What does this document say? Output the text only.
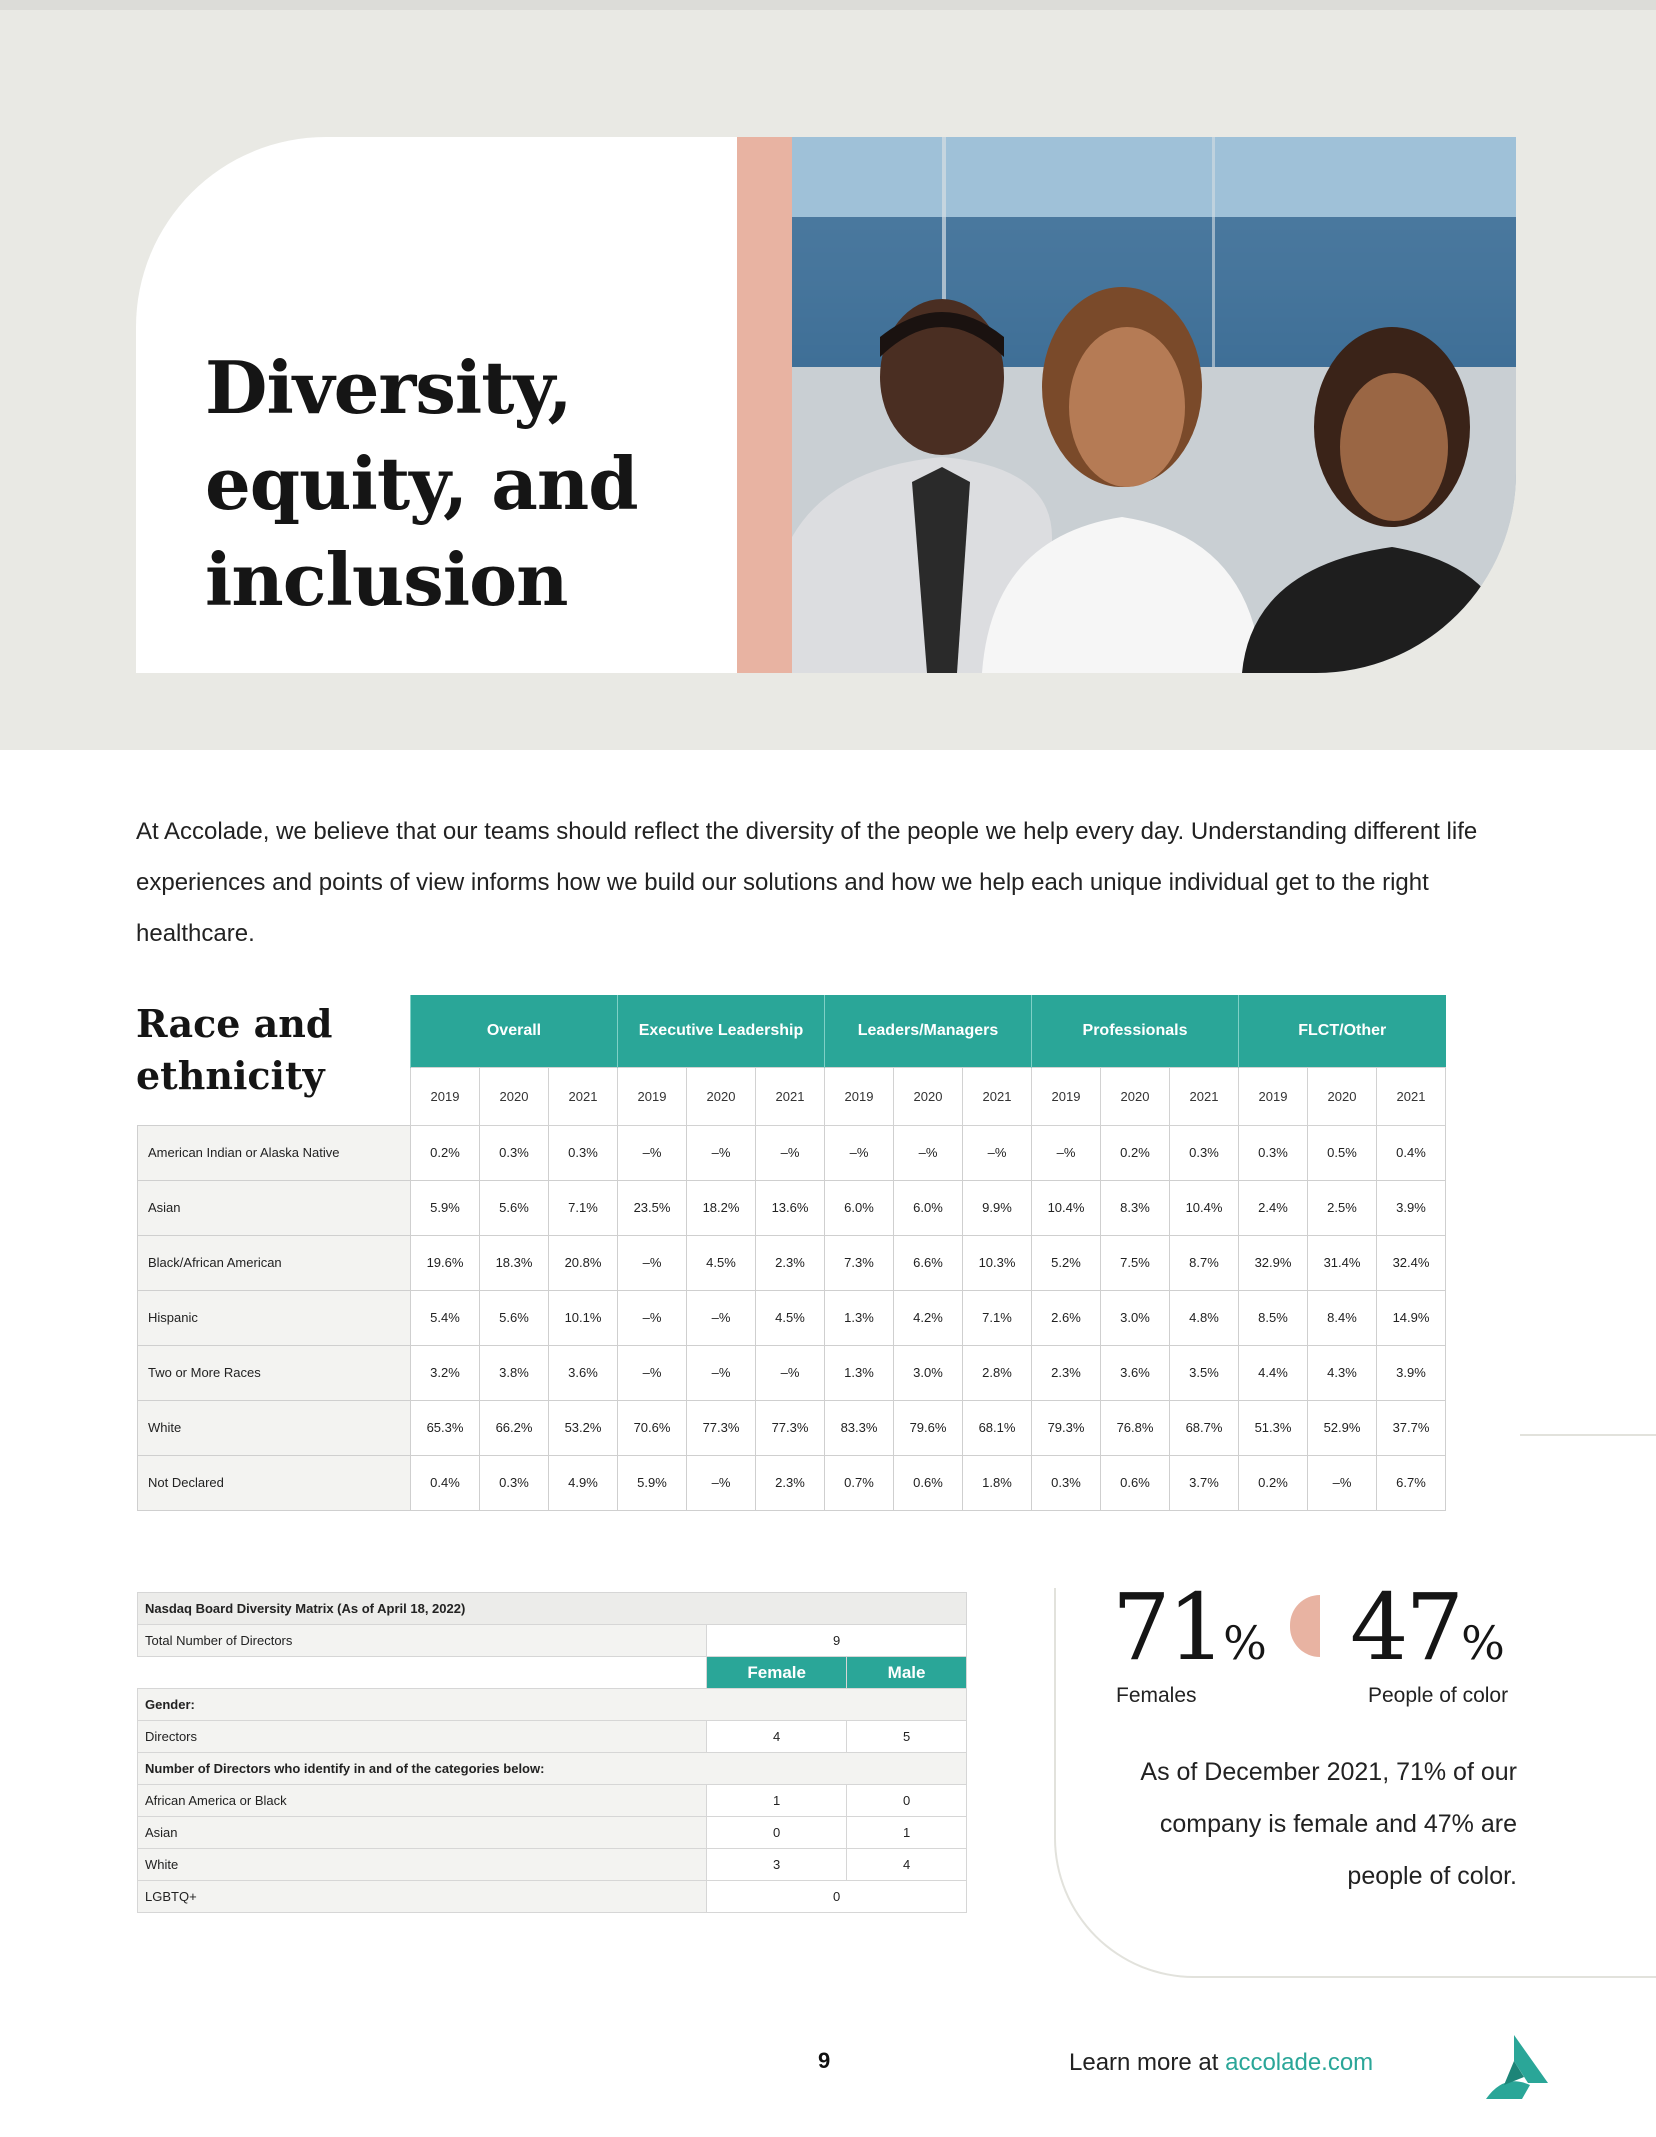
Diversity,
equity, and
inclusion

At Accolade, we believe that our teams should reflect the diversity of the people we help every day. Understanding different life experiences and points of view informs how we build our solutions and how we help each unique individual get to the right healthcare.

Race and
ethnicity
	Overall			Executive Leadership			Leaders/Managers			Professionals			FLCT/Other		
	2019	2020	2021	2019	2020	2021	2019	2020	2021	2019	2020	2021	2019	2020	2021
American Indian or Alaska Native	0.2%	0.3%	0.3%	–%	–%	–%	–%	–%	–%	–%	0.2%	0.3%	0.3%	0.5%	0.4%
Asian	5.9%	5.6%	7.1%	23.5%	18.2%	13.6%	6.0%	6.0%	9.9%	10.4%	8.3%	10.4%	2.4%	2.5%	3.9%
Black/African American	19.6%	18.3%	20.8%	–%	4.5%	2.3%	7.3%	6.6%	10.3%	5.2%	7.5%	8.7%	32.9%	31.4%	32.4%
Hispanic	5.4%	5.6%	10.1%	–%	–%	4.5%	1.3%	4.2%	7.1%	2.6%	3.0%	4.8%	8.5%	8.4%	14.9%
Two or More Races	3.2%	3.8%	3.6%	–%	–%	–%	1.3%	3.0%	2.8%	2.3%	3.6%	3.5%	4.4%	4.3%	3.9%
White	65.3%	66.2%	53.2%	70.6%	77.3%	77.3%	83.3%	79.6%	68.1%	79.3%	76.8%	68.7%	51.3%	52.9%	37.7%
Not Declared	0.4%	0.3%	4.9%	5.9%	–%	2.3%	0.7%	0.6%	1.8%	0.3%	0.6%	3.7%	0.2%	–%	6.7%
Nasdaq Board Diversity Matrix (As of April 18, 2022)		
Total Number of Directors	9	
	Female	Male
Gender:		
Directors	4	5
Number of Directors who identify in and of the categories below:		
African America or Black	1	0
Asian	0	1
White	3	4
LGBTQ+	0	
71% 47%
Females	People of color

As of December 2021, 71% of our company is female and 47% are people of color.

9	Learn more at accolade.com
